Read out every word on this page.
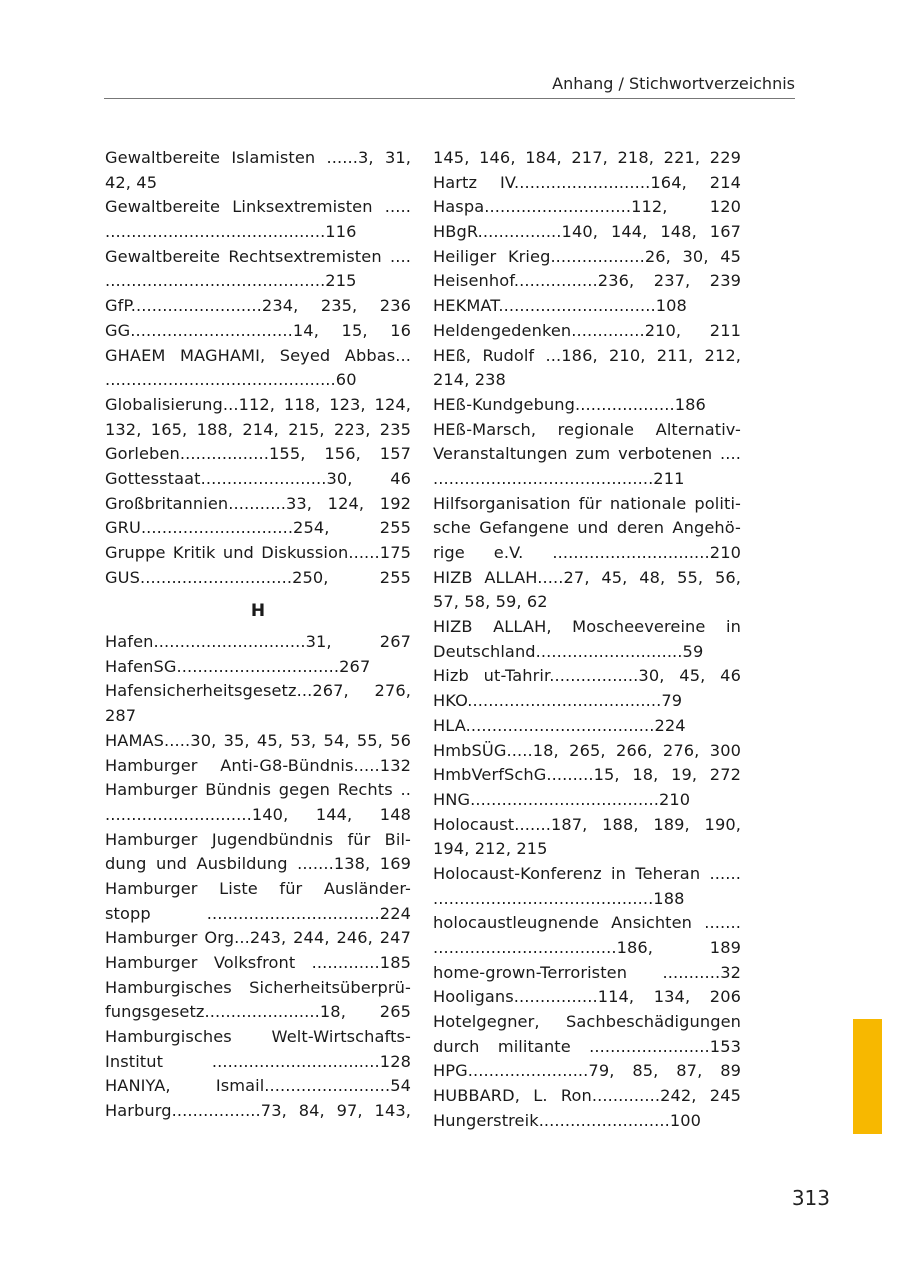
Anhang / Stichwortverzeichnis
Gewaltbereite Islamisten ......3, 31,
42, 45
Gewaltbereite Linksextremisten .....
..........................................116
Gewaltbereite Rechtsextremisten ....
..........................................215
GfP.........................234, 235, 236
GG...............................14, 15, 16
GHAEM MAGHAMI, Seyed Abbas...
............................................60
Globalisierung...112, 118, 123, 124,
132, 165, 188, 214, 215, 223, 235
Gorleben.................155, 156, 157
Gottesstaat........................30, 46
Großbritannien...........33, 124, 192
GRU.............................254, 255
Gruppe Kritik und Diskussion......175
GUS.............................250, 255
H
Hafen.............................31, 267
HafenSG...............................267
Hafensicherheitsgesetz...267, 276,
287
HAMAS.....30, 35, 45, 53, 54, 55, 56
Hamburger Anti-G8-Bündnis.....132
Hamburger Bündnis gegen Rechts ..
............................140, 144, 148
Hamburger Jugendbündnis für Bil-
dung und Ausbildung .......138, 169
Hamburger Liste für Ausländer-
stopp .................................224
Hamburger Org...243, 244, 246, 247
Hamburger Volksfront .............185
Hamburgisches Sicherheitsüberprü-
fungsgesetz......................18, 265
Hamburgisches Welt-Wirtschafts-
Institut ................................128
HANIYA, Ismail........................54
Harburg.................73, 84, 97, 143,
145, 146, 184, 217, 218, 221, 229
Hartz IV..........................164, 214
Haspa............................112, 120
HBgR................140, 144, 148, 167
Heiliger Krieg..................26, 30, 45
Heisenhof................236, 237, 239
HEKMAT..............................108
Heldengedenken..............210, 211
HEß, Rudolf ...186, 210, 211, 212,
214, 238
HEß-Kundgebung...................186
HEß-Marsch, regionale Alternativ-
Veranstaltungen zum verbotenen ....
..........................................211
Hilfsorganisation für nationale politi-
sche Gefangene und deren Angehö-
rige e.V. ..............................210
HIZB ALLAH.....27, 45, 48, 55, 56,
57, 58, 59, 62
HIZB ALLAH, Moscheevereine in
Deutschland............................59
Hizb ut-Tahrir.................30, 45, 46
HKO.....................................79
HLA....................................224
HmbSÜG.....18, 265, 266, 276, 300
HmbVerfSchG.........15, 18, 19, 272
HNG....................................210
Holocaust.......187, 188, 189, 190,
194, 212, 215
Holocaust-Konferenz in Teheran ......
..........................................188
holocaustleugnende Ansichten .......
...................................186, 189
home-grown-Terroristen ...........32
Hooligans................114, 134, 206
Hotelgegner, Sachbeschädigungen
durch militante .......................153
HPG.......................79, 85, 87, 89
HUBBARD, L. Ron.............242, 245
Hungerstreik.........................100
313
